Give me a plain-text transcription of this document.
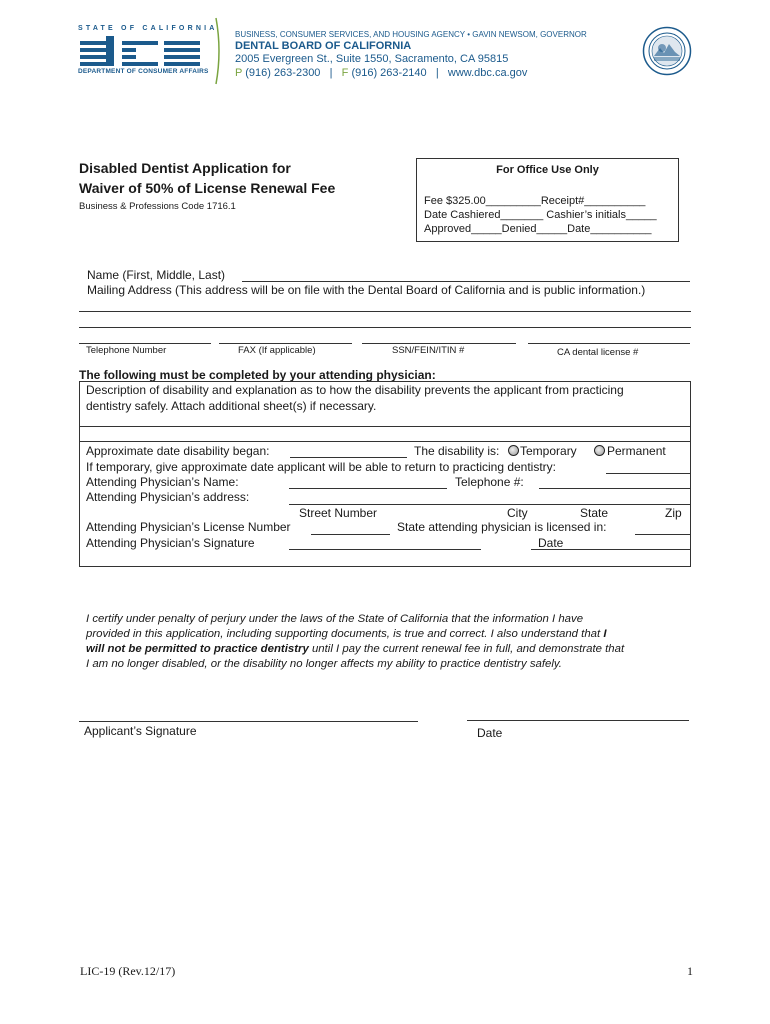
STATE OF CALIFORNIA
DEPARTMENT OF CONSUMER AFFAIRS
BUSINESS, CONSUMER SERVICES, AND HOUSING AGENCY • GAVIN NEWSOM, GOVERNOR
DENTAL BOARD OF CALIFORNIA
2005 Evergreen St., Suite 1550, Sacramento, CA 95815
P (916) 263-2300 | F (916) 263-2140 | www.dbc.ca.gov
Disabled Dentist Application for
Waiver of 50% of License Renewal Fee
Business & Professions Code 1716.1
For Office Use Only
Fee $325.00_________Receipt#__________
Date Cashiered_______ Cashier’s initials_____
Approved_____Denied_____Date__________
Name (First, Middle, Last)
Mailing Address (This address will be on file with the Dental Board of California and is public information.)
Telephone Number	FAX (If applicable)	SSN/FEIN/ITIN #	CA dental license #
The following must be completed by your attending physician:
Description of disability and explanation as to how the disability prevents the applicant from practicing
dentistry safely. Attach additional sheet(s) if necessary.
Approximate date disability began:	The disability is: Temporary	Permanent
If temporary, give approximate date applicant will be able to return to practicing dentistry:
Attending Physician’s Name:	Telephone #:
Attending Physician’s address:
Street Number	City	State	Zip
Attending Physician’s License Number	State attending physician is licensed in:
Attending Physician’s Signature	Date
I certify under penalty of perjury under the laws of the State of California that the information I have
provided in this application, including supporting documents, is true and correct. I also understand that I
will not be permitted to practice dentistry until I pay the current renewal fee in full, and demonstrate that
I am no longer disabled, or the disability no longer affects my ability to practice dentistry safely.
Applicant’s Signature	Date
LIC-19 (Rev.12/17)	1
